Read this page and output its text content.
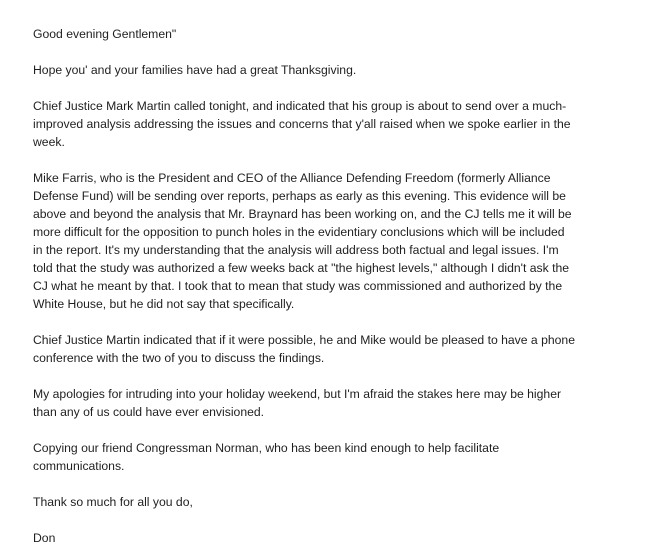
Good evening Gentlemen"

Hope you' and your families have had a great Thanksgiving.

Chief Justice Mark Martin called tonight, and indicated that his group is about to send over a much-
improved analysis addressing the issues and concerns that y'all raised when we spoke earlier in the
week.

Mike Farris, who is the President and CEO of the Alliance Defending Freedom (formerly Alliance
Defense Fund) will be sending over reports, perhaps as early as this evening. This evidence will be
above and beyond the analysis that Mr. Braynard has been working on, and the CJ tells me it will be
more difficult for the opposition to punch holes in the evidentiary conclusions which will be included
in the report. It's my understanding that the analysis will address both factual and legal issues. I'm
told that the study was authorized a few weeks back at "the highest levels," although I didn't ask the
CJ what he meant by that. I took that to mean that study was commissioned and authorized by the
White House, but he did not say that specifically.

Chief Justice Martin indicated that if it were possible, he and Mike would be pleased to have a phone
conference with the two of you to discuss the findings.

My apologies for intruding into your holiday weekend, but I'm afraid the stakes here may be higher
than any of us could have ever envisioned.

Copying our friend Congressman Norman, who has been kind enough to help facilitate
communications.

Thank so much for all you do,

Don
